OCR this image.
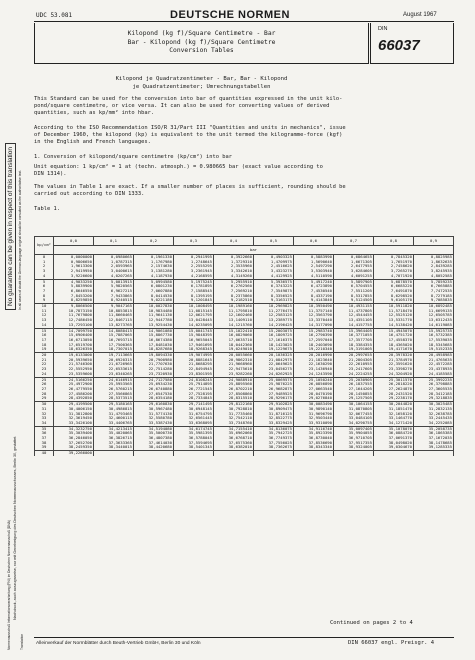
UDC 53.081	DEUTSCHE NORMEN	August 1967
Kilopond (kg f)/Square Centimetre - Bar
Bar - Kilopond (kg f)/Square Centimetre
Conversion Tables
DIN
66037
Kilopond je Quadratzentimeter - Bar, Bar - Kilopond
je Quadratzentimeter; Umrechnungstabellen
This Standard can be used for the conversion into bar of quantities expressed in the unit kilo-
pond/square centimetre, or vice versa. It can also be used for converting values of derived
quantities, such as kp/mm² into hbar.
According to the ISO Recommendation ISO/R 31/Part III "Quantities and units in mechanics", issue
of December 1960, the kilopond (kp) is equivalent to the unit termed the kilogramme-force (kgf)
in the English and French languages.
1. Conversion of kilopond/square centimetre (kp/cm²) into bar
Unit equation: 1 kp/cm² = 1 at (techn. atmosph.) = 0.980665 bar (exact value according to
DIN 1314).
The values in Table 1 are exact. If a smaller number of places is sufficient, rounding should be
carried out according to DIN 1333.
Table 1.
No guarantee can be given in respect of this translation	In all cases of doubt the German-language original should be consulted as the authoritative text.
Nachdruck, auch auszugsweise, nur mit Genehmigung des Deutschen Normenausschusses, Berlin 30, gestattet.
Normenausschuß Informationsverarbeitung (FNI) im Deutschen Normenausschuß (DNA)	Translation
kp/cm²	0,0	0,1	0,2	0,3	0,4	0,5	0,6	0,7	0,8	0,9
	bar									
0	0,0000000	0,0980665	0,1961330	0,2941995	0,3922660	0,4903325	0,5883990	0,6864655	0,7845320	0,8825985
1	0,9806650	1,0787315	1,1767980	1,2748645	1,3729310	1,4709975	1,5690640	1,6671305	1,7651970	1,8632635
2	1,9613300	2,0593965	2,1574630	2,2555295	2,3535960	2,4516625	2,5497290	2,6477955	2,7458620	2,8439285
3	2,9419950	3,0400615	3,1381280	3,2361945	3,3342610	3,4323275	3,5303940	3,6284605	3,7265270	3,8245935
4	3,9226600	4,0207265	4,1187930	4,2168595	4,3149260	4,4129925	4,5110590	4,6091255	4,7071920	4,8052585
5	4,9033250	5,0013915	5,0994580	5,1975245	5,2955910	5,3936575	5,4917240	5,5897905	5,6878570	5,7859235
6	5,8839900	5,9820565	6,0801230	6,1781895	6,2762560	6,3743225	6,4723890	6,5704555	6,6685220	6,7665885
7	6,8646550	6,9627215	7,0607880	7,1588545	7,2569210	7,3549875	7,4530540	7,5511205	7,6491870	7,7472535
8	7,8453200	7,9433865	8,0414530	8,1395195	8,2375860	8,3356525	8,4337190	8,5317855	8,6298520	8,7279185
9	8,8259850	8,9240515	9,0221180	9,1201845	9,2182510	9,3163175	9,4143840	9,5124505	9,6105170	9,7085835
10	9,8066500	9,9047165	10,0027830	10,1008495	10,1989160	10,2969825	10,3950490	10,4931155	10,5911820	10,6892485
11	10,7873150	10,8853815	10,9834480	11,0815145	11,1795810	11,2776475	11,3757140	11,4737805	11,5718470	11,6699135
12	11,7679800	11,8660465	11,9641130	12,0621795	12,1602460	12,2583125	12,3563790	12,4544455	12,5525120	12,6505785
13	12,7486450	12,8467115	12,9447780	13,0428445	13,1409110	13,2389775	13,3370440	13,4351105	13,5331770	13,6312435
14	13,7293100	13,8273765	13,9254430	14,0235095	14,1215760	14,2196425	14,3177090	14,4157755	14,5138420	14,6119085
15	14,7099750	14,8080415	14,9061080	15,0041745	15,1022410	15,2003075	15,2983740	15,3964405	15,4945070	15,5925735
16	15,6906400	15,7887065	15,8867730	15,9848395	16,0829060	16,1809725	16,2790390	16,3771055	16,4751720	16,5732385
17	16,6713050	16,7693715	16,8674380	16,9655045	17,0635710	17,1616375	17,2597040	17,3577705	17,4558370	17,5539035
18	17,6519700	17,7500365	17,8481030	17,9461695	18,0442360	18,1423025	18,2403690	18,3384355	18,4365020	18,5345685
19	18,6326350	18,7307015	18,8287680	18,9268345	19,0249010	19,1229675	19,2210340	19,3191005	19,4171670	19,5152335
20	19,6133000	19,7113665	19,8094330	19,9074995	20,0055660	20,1036325	20,2016990	20,2997655	20,3978320	20,4958985
21	20,5939650	20,6920315	20,7900980	20,8881645	20,9862310	21,0842975	21,1823640	21,2804305	21,3784970	21,4765635
22	21,5746300	21,6726965	21,7707630	21,8688295	21,9668960	22,0649625	22,1630290	22,2610955	22,3591620	22,4572285
23	22,5552950	22,6533615	22,7514280	22,8494945	22,9475610	23,0456275	23,1436940	23,2417605	23,3398270	23,4378935
24	23,5359600	23,6340265	23,7320930	23,8301595	23,9282260	24,0262925	24,1243590	24,2224255	24,3204920	24,4185585
25	24,5166250	24,6146915	24,7127580	24,8108245	24,9088910	25,0069575	25,1050240	25,2030905	25,3011570	25,3992235
26	25,4972900	25,5953565	25,6934230	25,7914895	25,8895560	25,9876225	26,0856890	26,1837555	26,2818220	26,3798885
27	26,4779550	26,5760215	26,6740880	26,7721545	26,8702210	26,9682875	27,0663540	27,1644205	27,2624870	27,3605535
28	27,4586200	27,5566865	27,6547530	27,7528195	27,8508860	27,9489525	28,0470190	28,1450855	28,2431520	28,3412185
29	28,4392850	28,5373515	28,6354180	28,7334845	28,8315510	28,9296175	29,0276840	29,1257505	29,2238170	29,3218835
30	29,4199500	29,5180165	29,6160830	29,7141495	29,8122160	29,9102825	30,0083490	30,1064155	30,2044820	30,3025485
31	30,4006150	30,4986815	30,5967480	30,6948145	30,7928810	30,8909475	30,9890140	31,0870805	31,1851470	31,2832135
32	31,3812800	31,4793465	31,5774130	31,6754795	31,7735460	31,8716125	31,9696790	32,0677455	32,1658120	32,2638785
33	32,3619450	32,4600115	32,5580780	32,6561445	32,7542110	32,8522775	32,9503440	33,0484105	33,1464770	33,2445435
34	33,3426100	33,4406765	33,5387430	33,6368095	33,7348760	33,8329425	33,9310090	34,0290755	34,1271420	34,2252085
35	34,3232750	34,4213415	34,5194080	34,6174745	34,7155410	34,8136075	34,9116740	35,0097405	35,1078070	35,2058735
36	35,3039400	35,4020065	35,5000730	35,5981395	35,6962060	35,7942725	35,8923390	35,9904055	36,0884720	36,1865385
37	36,2846050	36,3826715	36,4807380	36,5788045	36,6768710	36,7749375	36,8730040	36,9710705	37,0691370	37,1672035
38	37,2652700	37,3633365	37,4614030	37,5594695	37,6575360	37,7556025	37,8536690	37,9517355	38,0498020	38,1478685
39	38,2459350	38,3440015	38,4420680	38,5401345	38,6382010	38,7362675	38,8343340	38,9324005	39,0304670	39,1285335
40	39,2266000									
Continued on pages 2 to 4
Alleinverkauf der Normblätter durch Beuth-Vertrieb GmbH, Berlin 30 und Köln	DIN 66037 engl. Preisgr. 4
